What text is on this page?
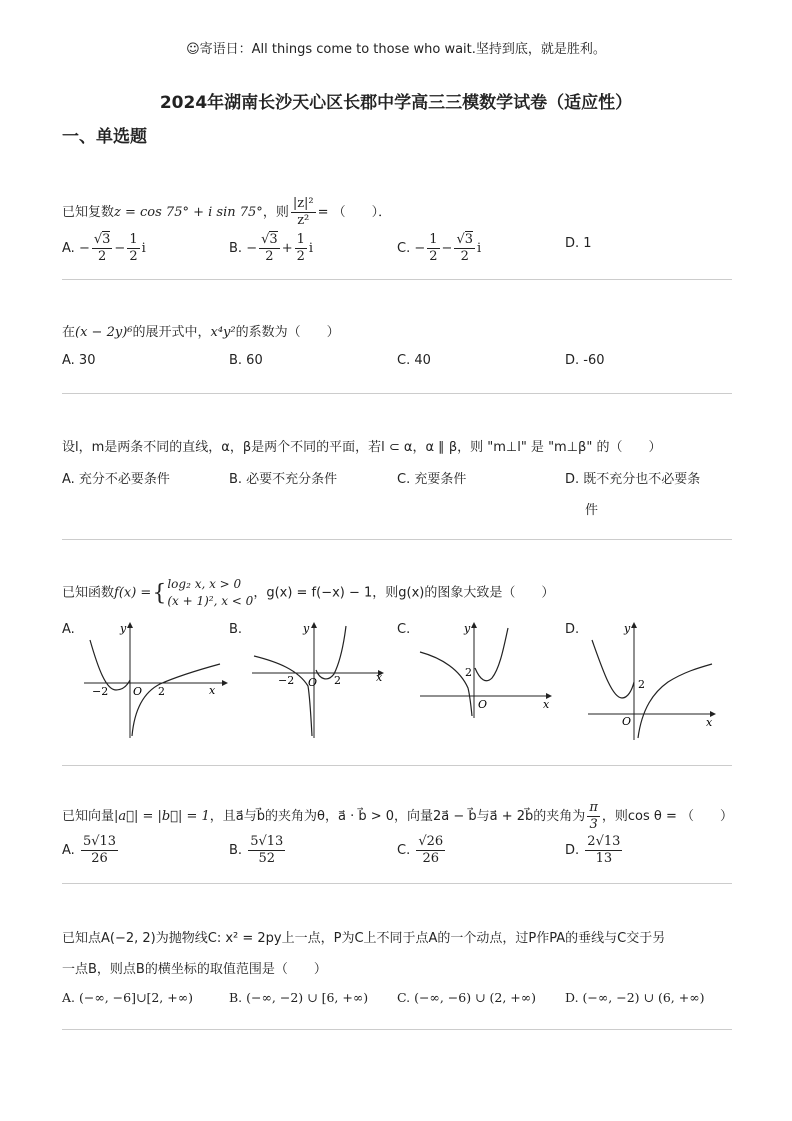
☺寄语日：All things come to those who wait.坚持到底，就是胜利。
2024年湖南长沙天心区长郡中学高三三模数学试卷（适应性）
一、单选题
已知复数z = cos 75° + i sin 75°，则 $\frac{\text{|z|²}}{\text{z²}}$ = （　　）．
A. − $\frac{√3}{2} - \frac{1}{2}$ i	B. − $\frac{√3}{2} + \frac{1}{2}$ i	C. − $\frac{1}{2} - \frac{√3}{2}$ i	D. 1
在(x − 2y)⁶的展开式中，x⁴y²的系数为（　　）
A. 30	B. 60	C. 40	D. -60
设l，m是两条不同的直线，α，β是两个不同的平面，若l ⊂ α，α ∥ β，则 "m⊥l" 是 "m⊥β" 的（　　）
A. 充分不必要条件	B. 必要不充分条件	C. 充要条件	D. 既不充分也不必要条
件
已知函数f(x) ={ log₂ x, x > 0
(x + 1)², x < 0
，g(x) = f(−x) − 1，则g(x)的图象大致是（　　）
A.
x
y
O
−2	2
B.
x
y
O
−2	2
C.
x
y
O
2
D.
x
y
O
2
已知向量|a⃗| = |b⃗| = 1，且a⃗与b⃗的夹角为θ，a⃗ · b⃗ > 0，向量2a⃗ − b⃗与a⃗ + 2b⃗的夹角为 $\frac{\pi}{3}$ ，则cos θ = （　　）
A. $\frac{5√13}{26}$	B. $\frac{5√13}{52}$	C. $\frac{√26}{26}$	D. $\frac{2√13}{13}$
已知点A(−2, 2)为抛物线C: x² = 2py上一点，P为C上不同于点A的一个动点，过P作PA的垂线与C交于另
一点B，则点B的横坐标的取值范围是（　　）
A. (−∞, −6]∪[2, +∞)	B. (−∞, −2) ∪ [6, +∞) C. (−∞, −6) ∪ (2, +∞) D. (−∞, −2) ∪ (6, +∞)
